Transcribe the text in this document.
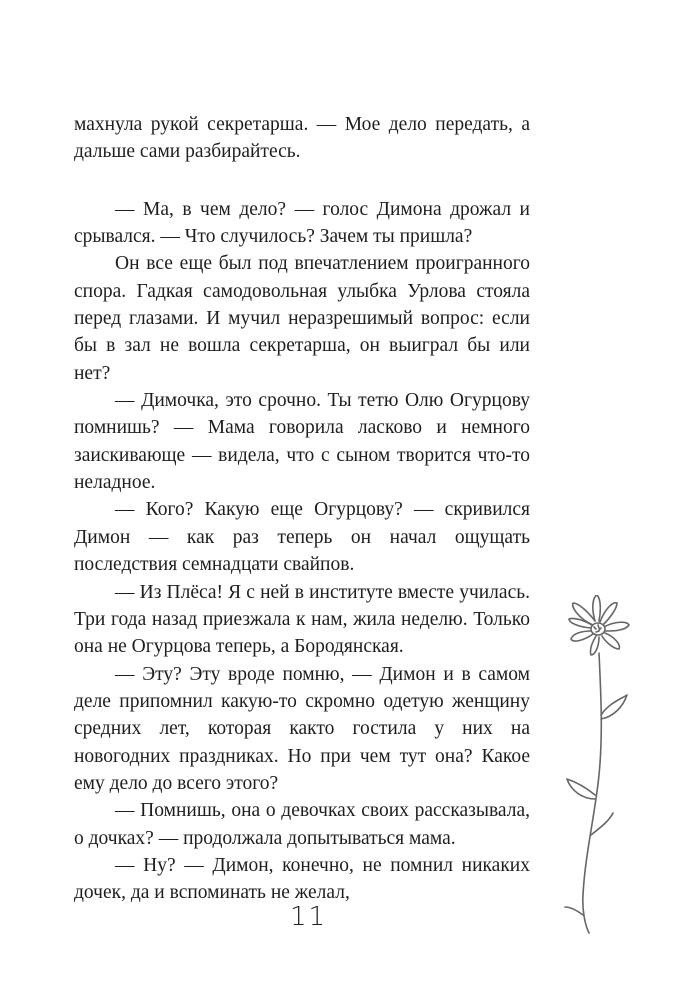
махнула рукой секретарша. — Мое дело передать, а дальше сами разбирайтесь.

— Ма, в чем дело? — голос Димона дрожал и срывался. — Что случилось? Зачем ты пришла?

Он все еще был под впечатлением проигранного спора. Гадкая самодовольная улыбка Урлова стояла перед глазами. И мучил неразрешимый вопрос: если бы в зал не вошла секретарша, он выиграл бы или нет?

— Димочка, это срочно. Ты тетю Олю Огурцову помнишь? — Мама говорила ласково и немного заискивающе — видела, что с сыном творится что-то неладное.

— Кого? Какую еще Огурцову? — скривился Димон — как раз теперь он начал ощущать последствия семнадцати свайпов.

— Из Плёса! Я с ней в институте вместе училась. Три года назад приезжала к нам, жила неделю. Только она не Огурцова теперь, а Бородянская.

— Эту? Эту вроде помню, — Димон и в самом деле припомнил какую-то скромно одетую женщину средних лет, которая както гостила у них на новогодних праздниках. Но при чем тут она? Какое ему дело до всего этого?

— Помнишь, она о девочках своих рассказывала, о дочках? — продолжала допытываться мама.

— Ну? — Димон, конечно, не помнил никаких дочек, да и вспоминать не желал,

11
